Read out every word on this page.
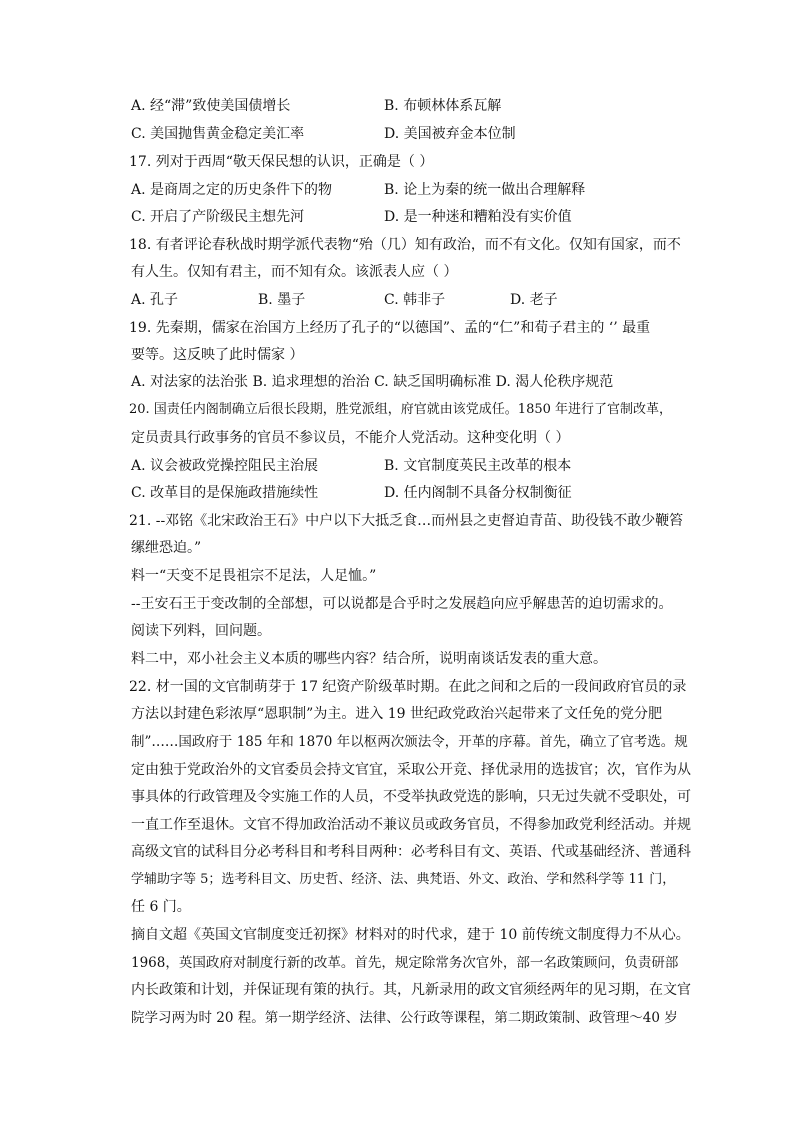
A. 经“滞”致使美国债增长	B. 布顿林体系瓦解
C. 美国抛售黄金稳定美汇率	D. 美国被弃金本位制
17. 列对于西周“敬天保民想的认识，正确是（ ）
A. 是商周之定的历史条件下的物	B. 论上为秦的统一做出合理解释
C. 开启了产阶级民主想先河	D. 是一种迷和糟粕没有实价值
18. 有者评论春秋战时期学派代表物“殆（几）知有政治，而不有文化。仅知有国家，而不
有人生。仅知有君主，而不知有众。该派表人应（ ）
A. 孔子	B. 墨子	C. 韩非子	D. 老子
19. 先秦期，儒家在治国方上经历了孔子的“以德国”、孟的“仁”和荀子君主的 ‘’ 最重
要等。这反映了此时儒家 ）
A. 对法家的法治张 B. 追求理想的治治 C. 缺乏国明确标准 D. 渴人伦秩序规范
20. 国责任内阁制确立后很长段期，胜党派组，府官就由该党成任。1850 年进行了官制改革，
定员责具行政事务的官员不参议员，不能介人党活动。这种变化明（ ）
A. 议会被政党操控阻民主治展	B. 文官制度英民主改革的根本
C. 改革目的是保施政措施续性	D. 任内阁制不具备分权制衡征
21. --邓铭《北宋政治王石》中户以下大抵乏食…而州县之吏督迫青苗、助役钱不敢少鞭笞
缧绁恐迫。”
料一“天变不足畏祖宗不足法，人足恤。”
--王安石王于变改制的全部想，可以说都是合乎时之发展趋向应乎解患苦的迫切需求的。
阅读下列料，回问题。
料二中，邓小社会主义本质的哪些内容？结合所，说明南谈话发表的重大意。
22. 材一国的文官制萌芽于 17 纪资产阶级革时期。在此之间和之后的一段间政府官员的录
方法以封建色彩浓厚“恩职制”为主。进入 19 世纪政党政治兴起带来了文任免的党分肥
制”……国政府于 185 年和 1870 年以枢两次颁法令，开革的序幕。首先，确立了官考选。规
定由独于党政治外的文官委员会持文官宜，采取公开竞、择优录用的选拔官；次，官作为从
事具体的行政管理及令实施工作的人员，不受举执政党选的影响，只无过失就不受职处，可
一直工作至退休。文官不得加政治活动不兼议员或政务官员，不得参加政党利经活动。并规
高级文官的试科目分必考科目和考科目两种：必考科目有文、英语、代或基础经济、普通科
学辅助字等 5；选考科目文、历史哲、经济、法、典梵语、外文、政治、学和然科学等 11 门，
任 6 门。
摘自文超《英国文官制度变迁初探》材料对的时代求，建于 10 前传统文制度得力不从心。
1968，英国政府对制度行新的改革。首先，规定除常务次官外，部一名政策顾问，负责研部
内长政策和计划，并保证现有策的执行。其，凡新录用的政文官须经两年的见习期，在文官
院学习两为时 20 程。第一期学经济、法律、公行政等课程，第二期政策制、政管理～40 岁
